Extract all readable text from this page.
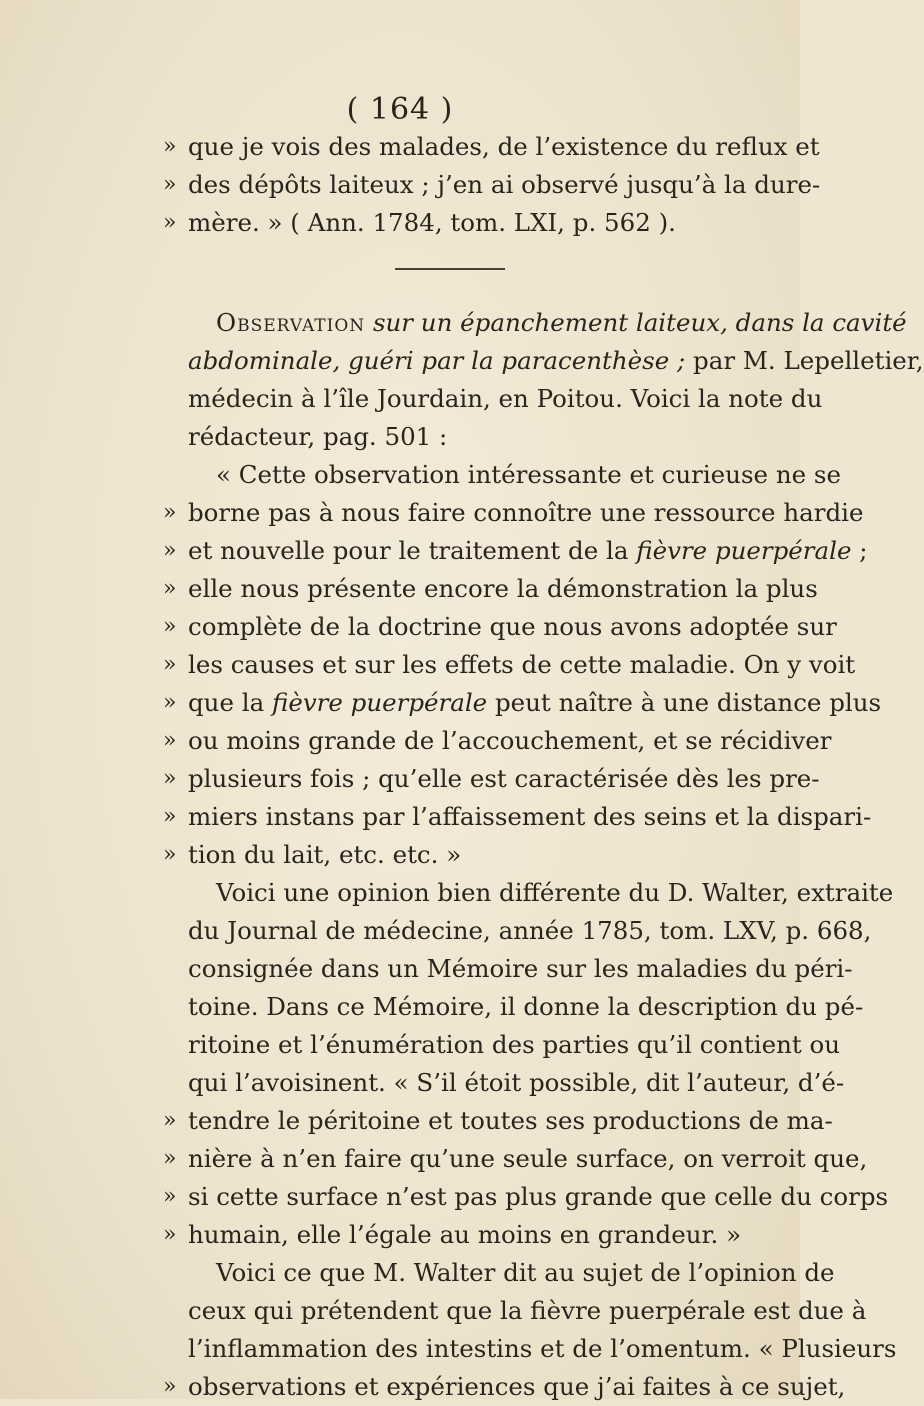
( 164 )
» que je vois des malades, de l’existence du reflux et
» des dépôts laiteux ; j’en ai observé jusqu’à la dure-
» mère. » ( Ann. 1784, tom. LXI, p. 562 ).
Observation sur un épanchement laiteux, dans la cavité
abdominale, guéri par la paracenthèse ; par M. Lepelletier,
médecin à l’île Jourdain, en Poitou. Voici la note du
rédacteur, pag. 501 :
« Cette observation intéressante et curieuse ne se
» borne pas à nous faire connoître une ressource hardie
» et nouvelle pour le traitement de la fièvre puerpérale ;
» elle nous présente encore la démonstration la plus
» complète de la doctrine que nous avons adoptée sur
» les causes et sur les effets de cette maladie. On y voit
» que la fièvre puerpérale peut naître à une distance plus
» ou moins grande de l’accouchement, et se récidiver
» plusieurs fois ; qu’elle est caractérisée dès les pre-
» miers instans par l’affaissement des seins et la dispari-
» tion du lait, etc. etc. »
Voici une opinion bien différente du D. Walter, extraite
du Journal de médecine, année 1785, tom. LXV, p. 668,
consignée dans un Mémoire sur les maladies du péri-
toine. Dans ce Mémoire, il donne la description du pé-
ritoine et l’énumération des parties qu’il contient ou
qui l’avoisinent. « S’il étoit possible, dit l’auteur, d’é-
» tendre le péritoine et toutes ses productions de ma-
» nière à n’en faire qu’une seule surface, on verroit que,
» si cette surface n’est pas plus grande que celle du corps
» humain, elle l’égale au moins en grandeur. »
Voici ce que M. Walter dit au sujet de l’opinion de
ceux qui prétendent que la fièvre puerpérale est due à
l’inflammation des intestins et de l’omentum. « Plusieurs
» observations et expériences que j’ai faites à ce sujet,
